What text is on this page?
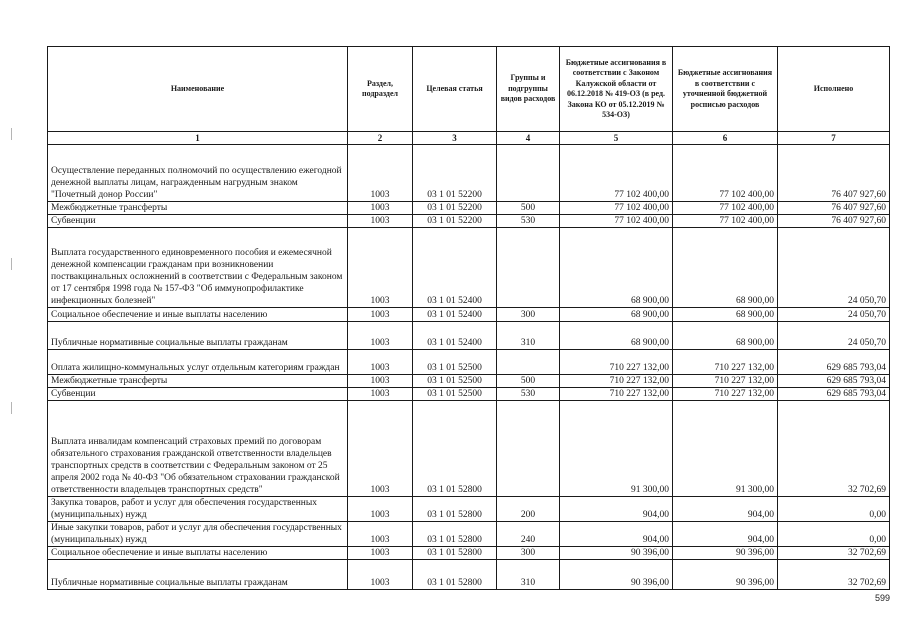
Наименование	Раздел, подраздел	Целевая статья	Группы и подгруппы видов расходов	Бюджетные ассигнования в соответствии с Законом Калужской области от 06.12.2018 № 419-ОЗ (в ред. Закона КО от 05.12.2019 № 534-ОЗ)	Бюджетные ассигнования в соответствии с уточненной бюджетной росписью расходов	Исполнено
1	2	3	4	5	6	7
Осуществление переданных полномочий по осуществлению ежегодной денежной выплаты лицам, награжденным нагрудным знаком "Почетный донор России"	1003	03 1 01 52200		77 102 400,00	77 102 400,00	76 407 927,60
Межбюджетные трансферты	1003	03 1 01 52200	500	77 102 400,00	77 102 400,00	76 407 927,60
Субвенции	1003	03 1 01 52200	530	77 102 400,00	77 102 400,00	76 407 927,60
Выплата государственного единовременного пособия и ежемесячной денежной компенсации гражданам при возникновении поствакцинальных осложнений в соответствии с Федеральным законом от 17 сентября 1998 года № 157-ФЗ "Об иммунопрофилактике инфекционных болезней"	1003	03 1 01 52400		68 900,00	68 900,00	24 050,70
Социальное обеспечение и иные выплаты населению	1003	03 1 01 52400	300	68 900,00	68 900,00	24 050,70
Публичные нормативные социальные выплаты гражданам	1003	03 1 01 52400	310	68 900,00	68 900,00	24 050,70
Оплата жилищно-коммунальных услуг отдельным категориям граждан	1003	03 1 01 52500		710 227 132,00	710 227 132,00	629 685 793,04
Межбюджетные трансферты	1003	03 1 01 52500	500	710 227 132,00	710 227 132,00	629 685 793,04
Субвенции	1003	03 1 01 52500	530	710 227 132,00	710 227 132,00	629 685 793,04
Выплата инвалидам компенсаций страховых премий по договорам обязательного страхования гражданской ответственности владельцев транспортных средств в соответствии с Федеральным законом от 25 апреля 2002 года № 40-ФЗ "Об обязательном страховании гражданской ответственности владельцев транспортных средств"	1003	03 1 01 52800		91 300,00	91 300,00	32 702,69
Закупка товаров, работ и услуг для обеспечения государственных (муниципальных) нужд	1003	03 1 01 52800	200	904,00	904,00	0,00
Иные закупки товаров, работ и услуг для обеспечения государственных (муниципальных) нужд	1003	03 1 01 52800	240	904,00	904,00	0,00
Социальное обеспечение и иные выплаты населению	1003	03 1 01 52800	300	90 396,00	90 396,00	32 702,69
Публичные нормативные социальные выплаты гражданам	1003	03 1 01 52800	310	90 396,00	90 396,00	32 702,69
599
